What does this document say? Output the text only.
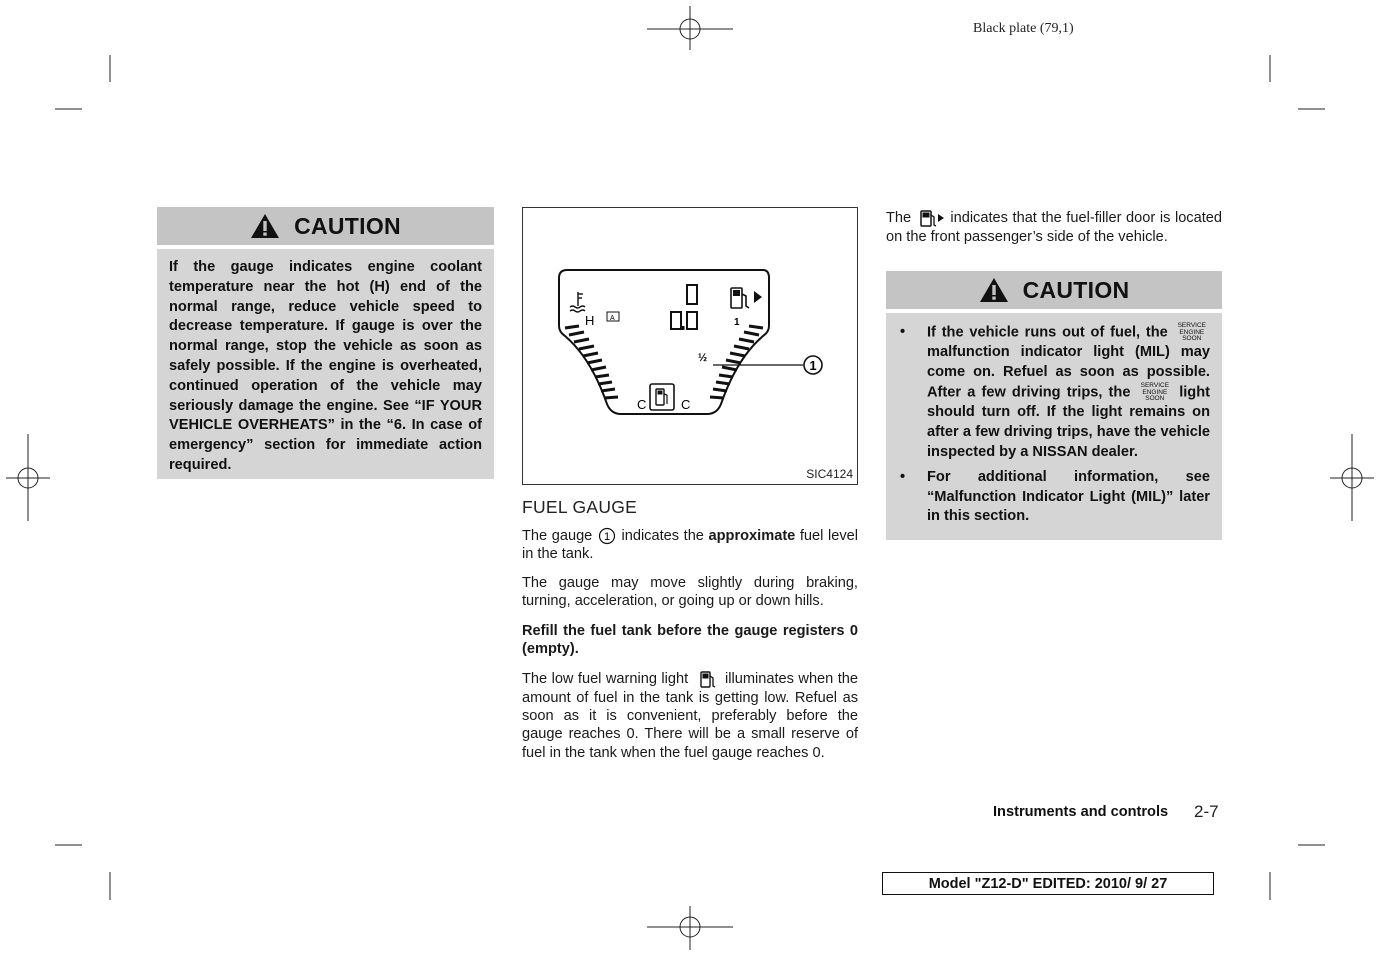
Black plate (79,1)
CAUTION
If the gauge indicates engine coolant temperature near the hot (H) end of the normal range, reduce vehicle speed to decrease temperature. If gauge is over the normal range, stop the vehicle as soon as safely possible. If the engine is overheated, continued operation of the vehicle may seriously damage the engine. See “IF YOUR VEHICLE OVERHEATS” in the “6. In case of emergency” section for immediate action required.
1
H A
C	C
1
½
SIC4124
FUEL GAUGE
The gauge 1 indicates the approximate fuel level in the tank.
The gauge may move slightly during braking, turning, acceleration, or going up or down hills.
Refill the fuel tank before the gauge registers 0 (empty).
The low fuel warning light	illuminates when the amount of fuel in the tank is getting low. Refuel as soon as it is convenient, preferably before the gauge reaches 0. There will be a small reserve of fuel in the tank when the fuel gauge reaches 0.
The	indicates that the fuel-filler door is located on the front passenger’s side of the vehicle.
CAUTION
•	If the vehicle runs out of fuel, the SERVICE
ENGINE
SOON
malfunction indicator light (MIL) may come on. Refuel as soon as possible. After a few driving trips, the SERVICE
ENGINE
SOON light should turn off. If the light remains on after a few driving trips, have the vehicle inspected by a NISSAN dealer.
•	For additional information, see “Malfunction Indicator Light (MIL)” later in this section.
Instruments and controls 2-7
Model "Z12-D" EDITED: 2010/ 9/ 27
